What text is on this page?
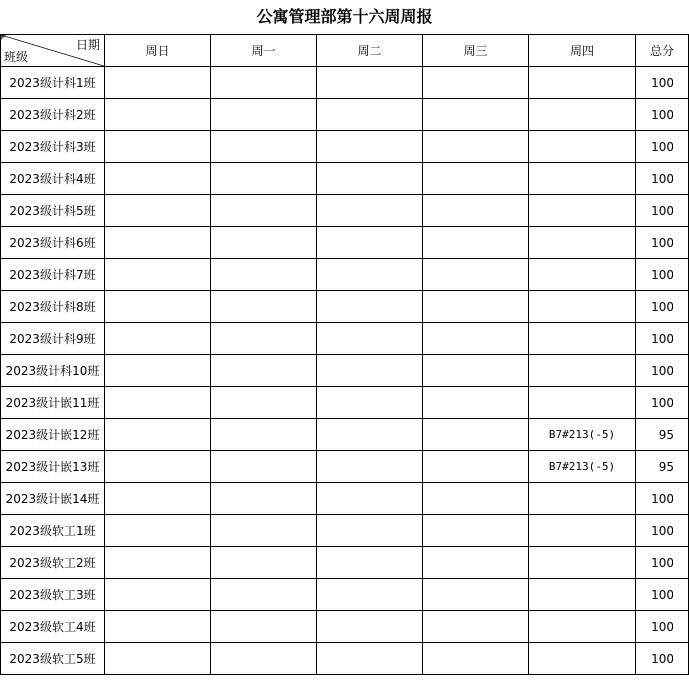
公寓管理部第十六周周报
日期
班级	周日	周一	周二	周三	周四	总分
2023级计科1班						100
2023级计科2班						100
2023级计科3班						100
2023级计科4班						100
2023级计科5班						100
2023级计科6班						100
2023级计科7班						100
2023级计科8班						100
2023级计科9班						100
2023级计科10班						100
2023级计嵌11班						100
2023级计嵌12班					B7#213(-5)	95
2023级计嵌13班					B7#213(-5)	95
2023级计嵌14班						100
2023级软工1班						100
2023级软工2班						100
2023级软工3班						100
2023级软工4班						100
2023级软工5班						100
